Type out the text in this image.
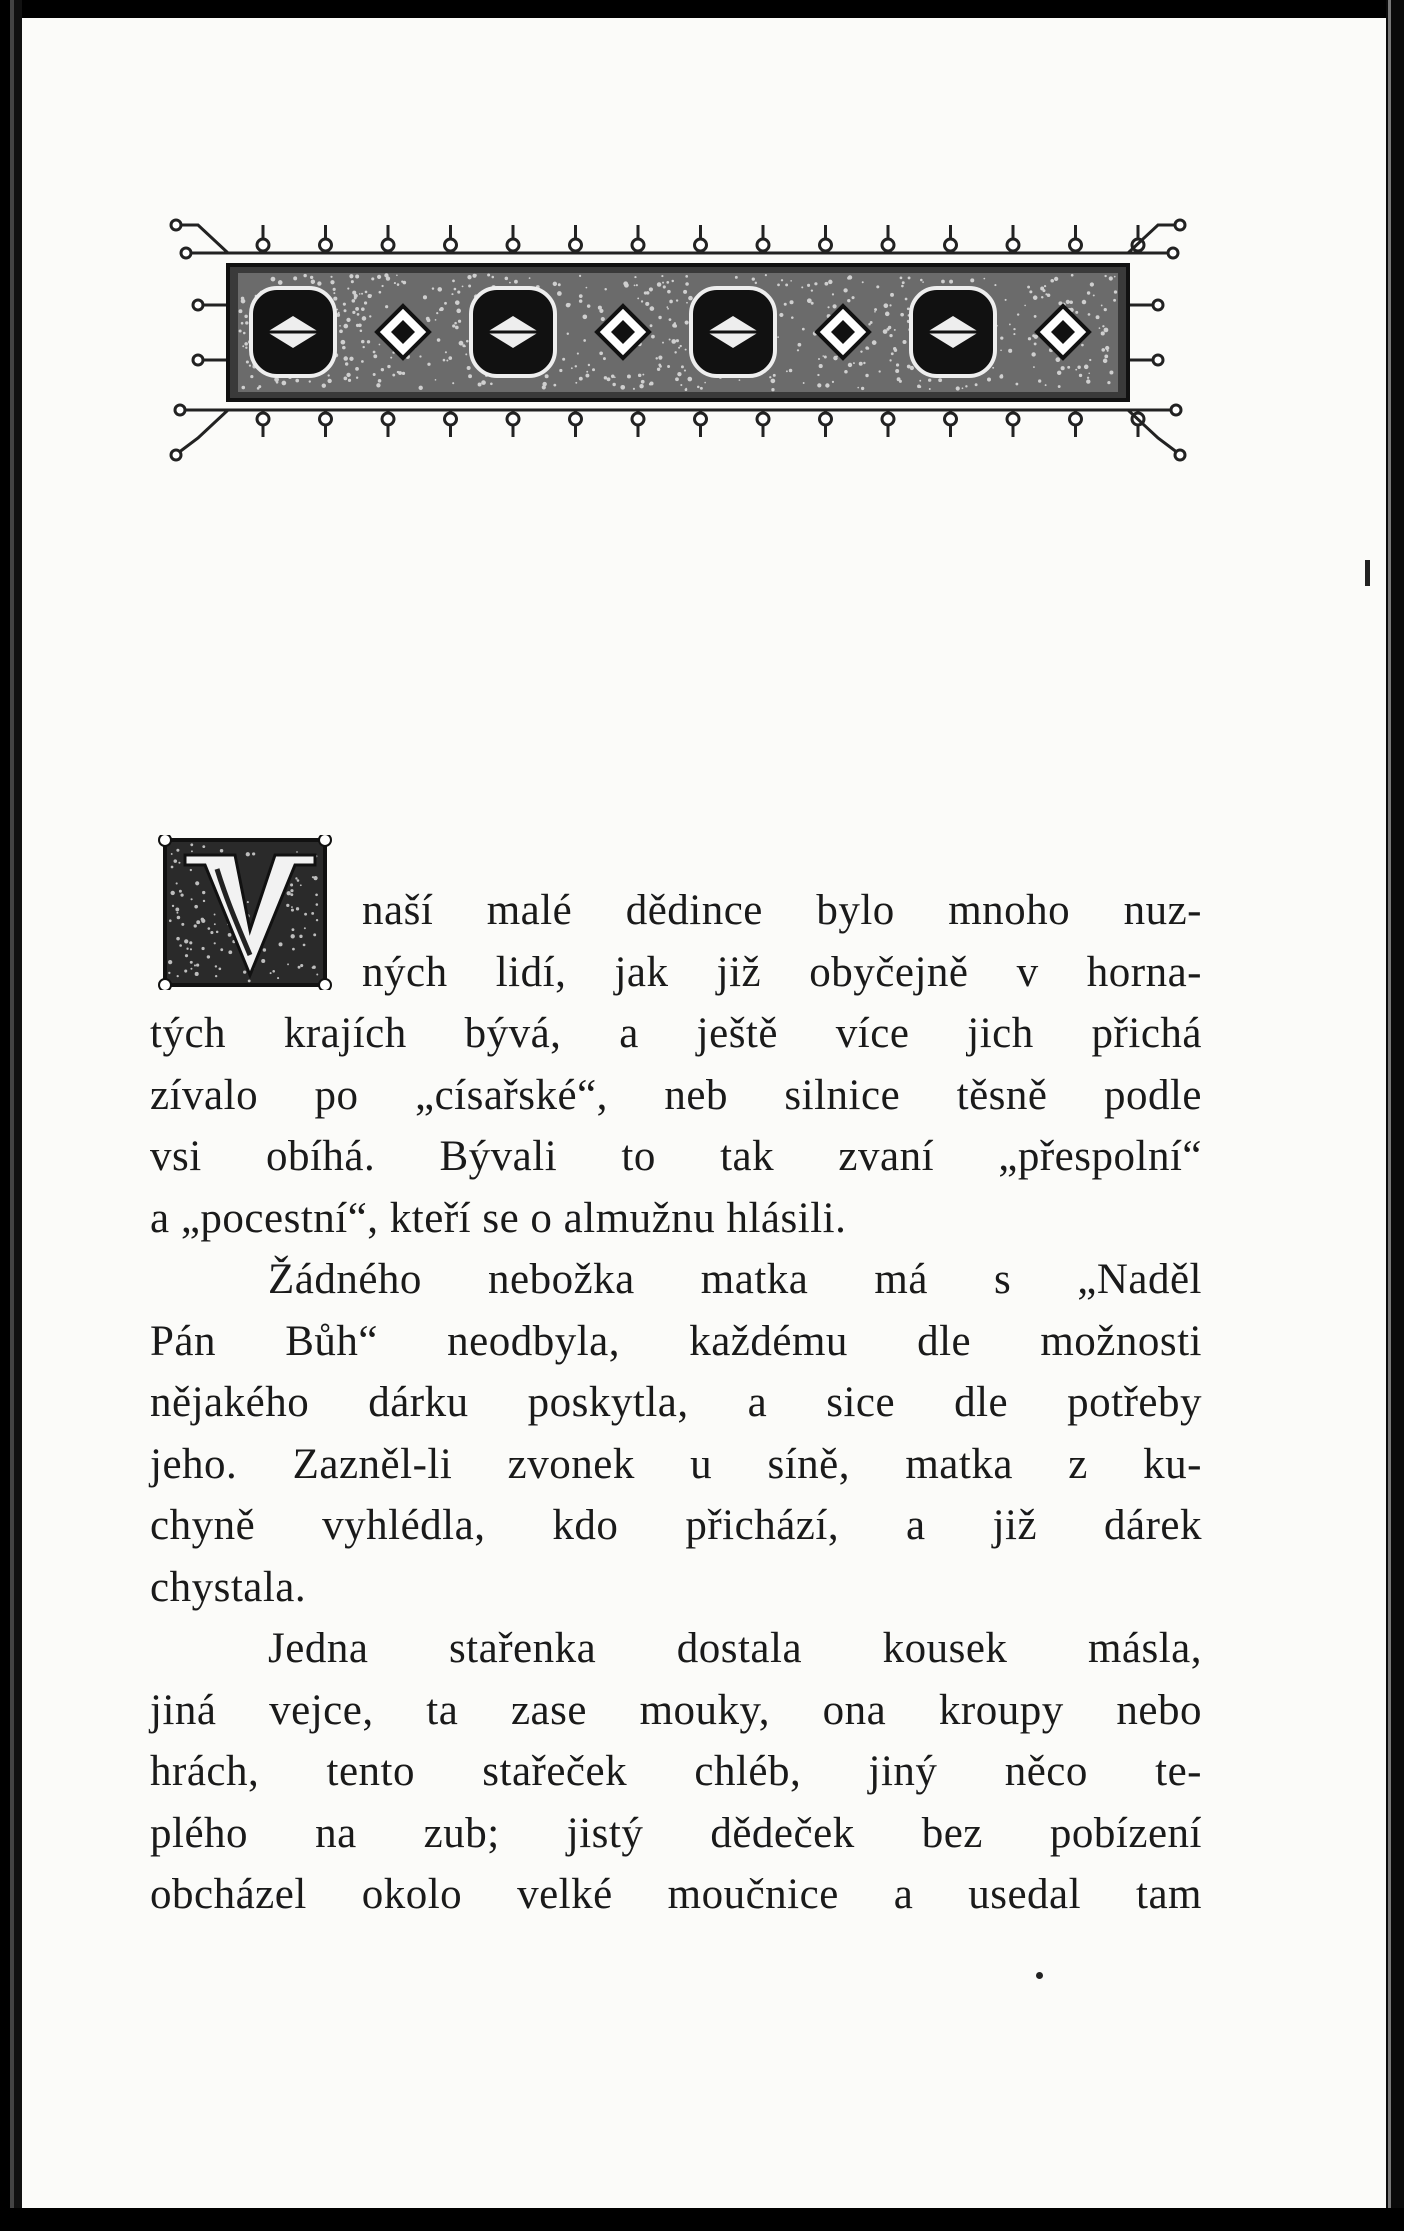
naší malé dědince bylo mnoho nuz-
ných lidí, jak již obyčejně v horna-
tých krajích bývá, a ještě více jich přichá
zívalo po „císařské“, neb silnice těsně podle
vsi obíhá. Bývali to tak zvaní „přespolní“
a „pocestní“, kteří se o almužnu hlásili.
Žádného nebožka matka má s „Naděl
Pán Bůh“ neodbyla, každému dle možnosti
nějakého dárku poskytla, a sice dle potřeby
jeho. Zazněl-li zvonek u síně, matka z ku-
chyně vyhlédla, kdo přichází, a již dárek
chystala.
Jedna stařenka dostala kousek másla,
jiná vejce, ta zase mouky, ona kroupy nebo
hrách, tento stařeček chléb, jiný něco te-
plého na zub; jistý dědeček bez pobízení
obcházel okolo velké moučnice a usedal tam
